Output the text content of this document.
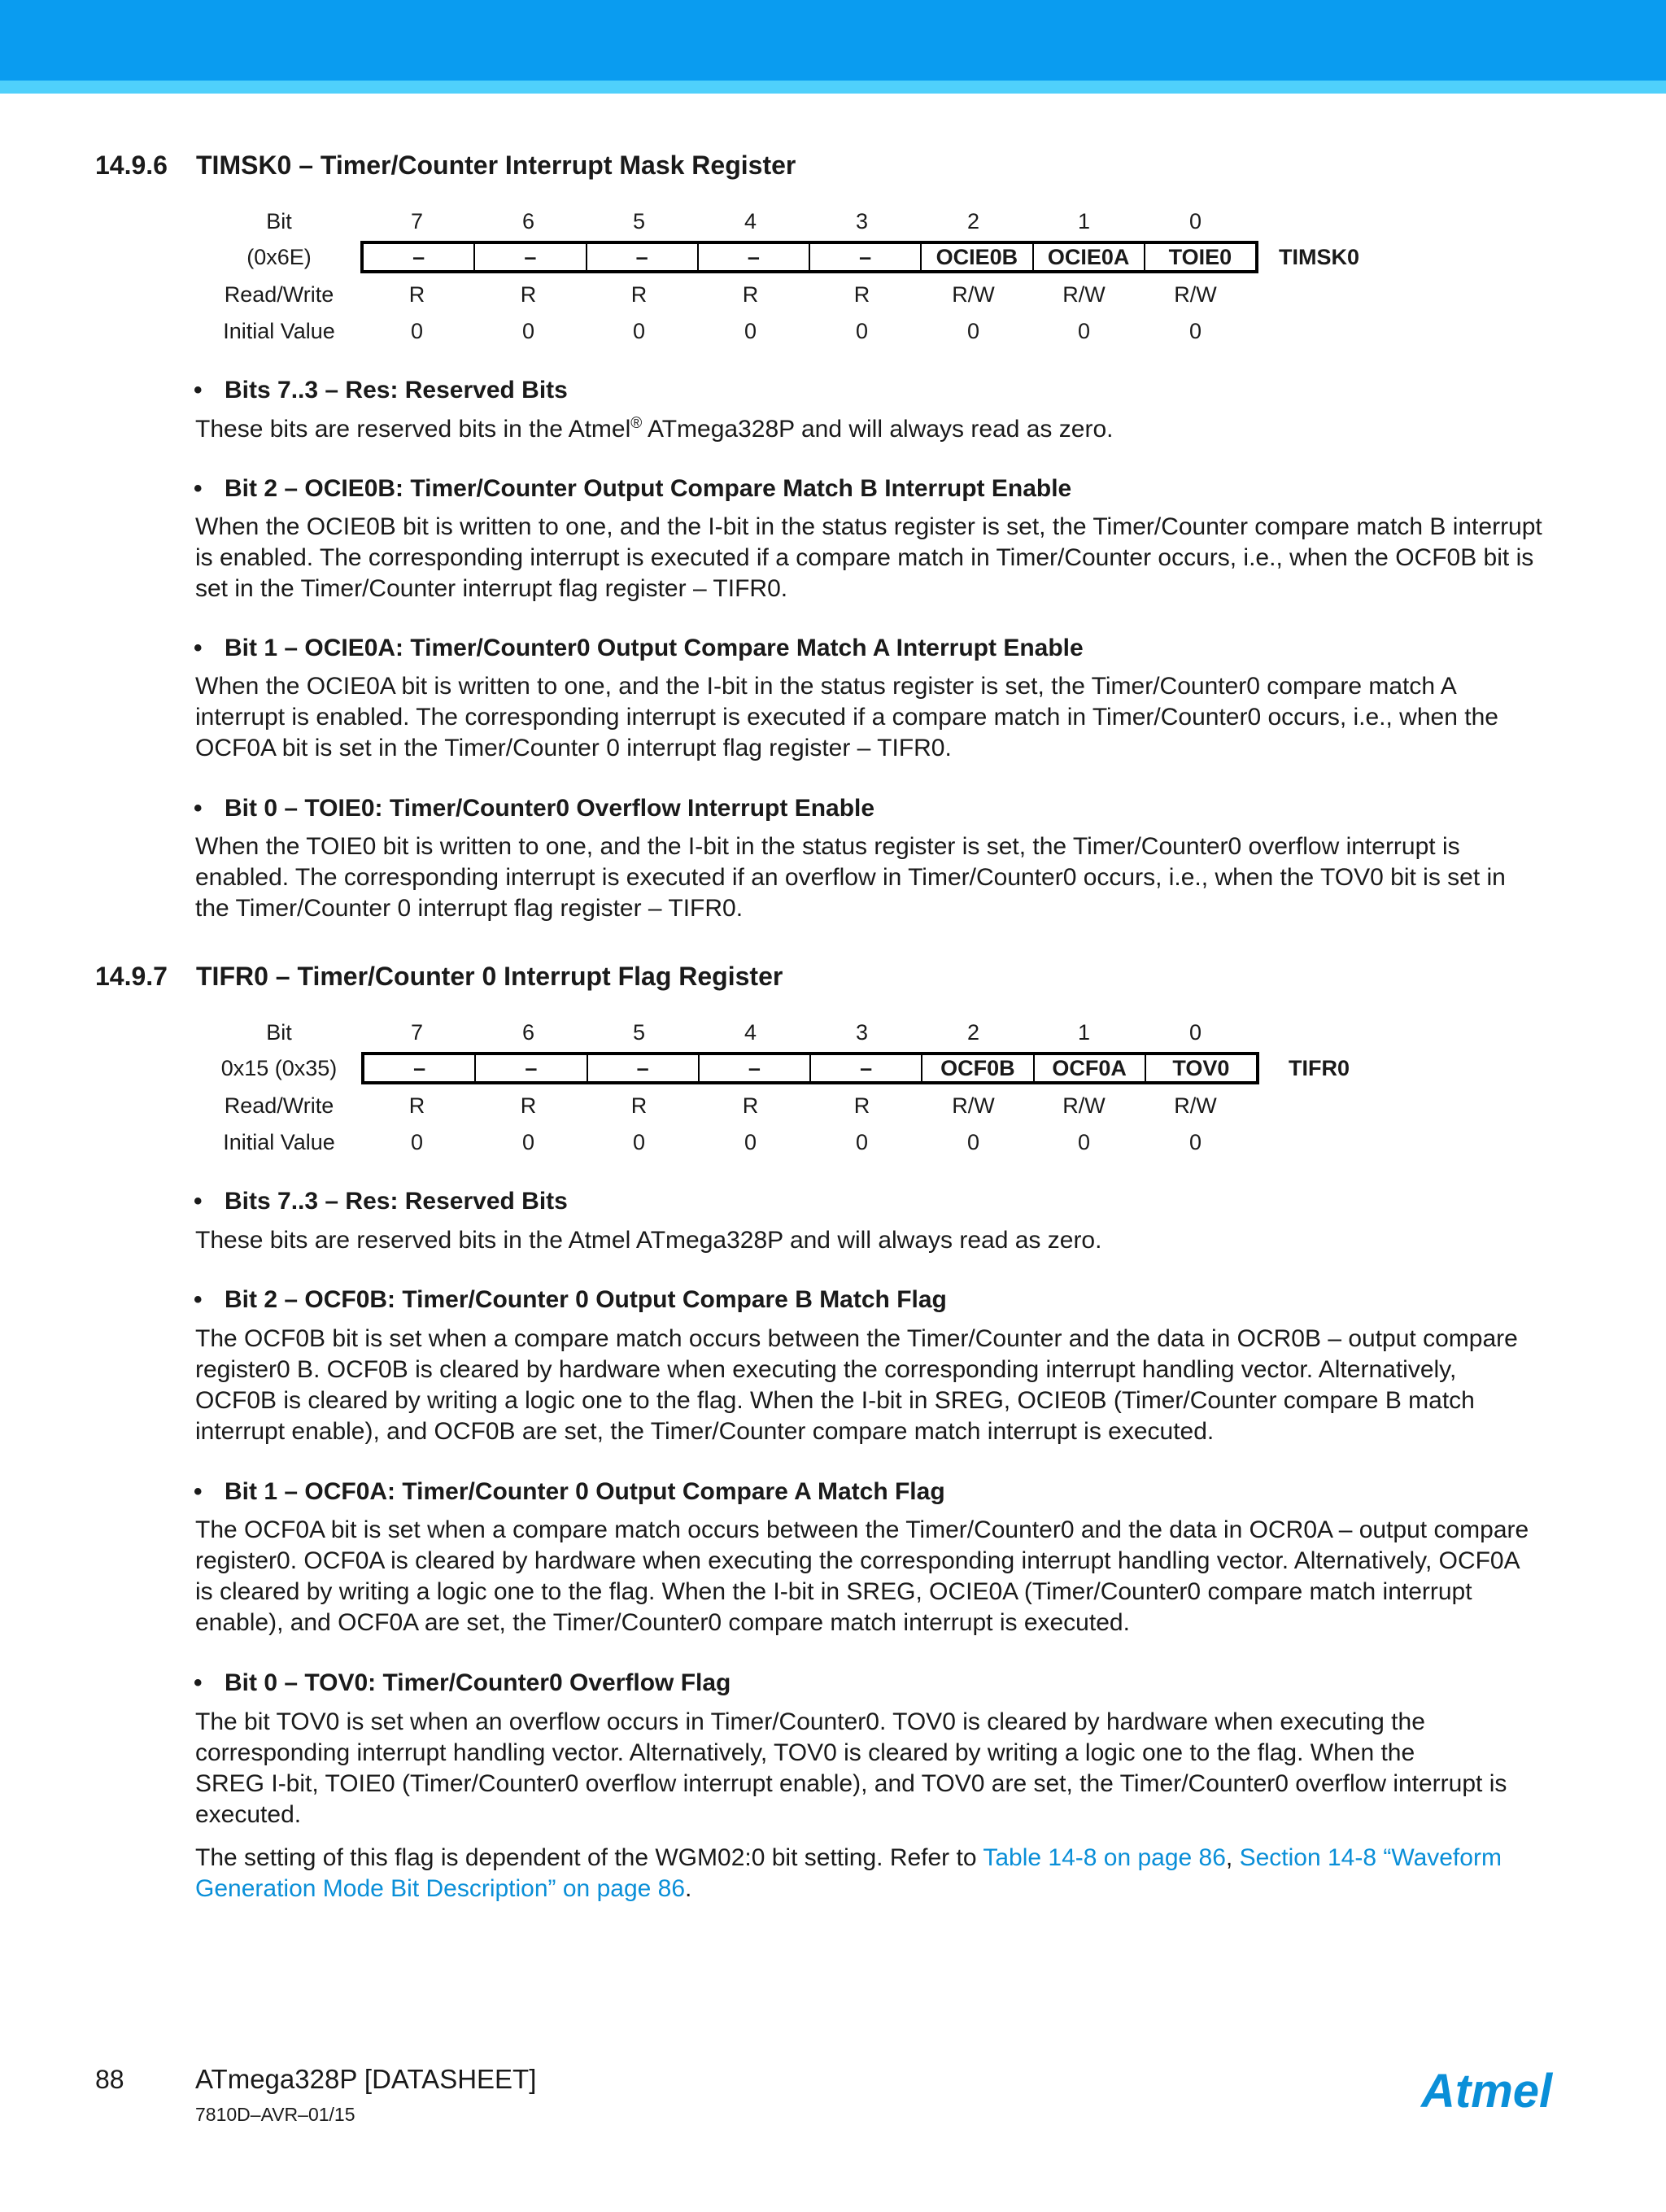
14.9.6 TIMSK0 – Timer/Counter Interrupt Mask Register
Bit	7	6	5	4	3	2	1	0
(0x6E)	–	–	–	–	–	OCIE0B	OCIE0A	TOIE0	TIMSK0
Read/Write	R	R	R	R	R	R/W	R/W	R/W
Initial Value	0	0	0	0	0	0	0	0
• Bits 7..3 – Res: Reserved Bits
These bits are reserved bits in the Atmel® ATmega328P and will always read as zero.
• Bit 2 – OCIE0B: Timer/Counter Output Compare Match B Interrupt Enable
When the OCIE0B bit is written to one, and the I-bit in the status register is set, the Timer/Counter compare match B interrupt
is enabled. The corresponding interrupt is executed if a compare match in Timer/Counter occurs, i.e., when the OCF0B bit is
set in the Timer/Counter interrupt flag register – TIFR0.
• Bit 1 – OCIE0A: Timer/Counter0 Output Compare Match A Interrupt Enable
When the OCIE0A bit is written to one, and the I-bit in the status register is set, the Timer/Counter0 compare match A
interrupt is enabled. The corresponding interrupt is executed if a compare match in Timer/Counter0 occurs, i.e., when the
OCF0A bit is set in the Timer/Counter 0 interrupt flag register – TIFR0.
• Bit 0 – TOIE0: Timer/Counter0 Overflow Interrupt Enable
When the TOIE0 bit is written to one, and the I-bit in the status register is set, the Timer/Counter0 overflow interrupt is
enabled. The corresponding interrupt is executed if an overflow in Timer/Counter0 occurs, i.e., when the TOV0 bit is set in
the Timer/Counter 0 interrupt flag register – TIFR0.
14.9.7 TIFR0 – Timer/Counter 0 Interrupt Flag Register
Bit	7	6	5	4	3	2	1	0
0x15 (0x35)	–	–	–	–	–	OCF0B	OCF0A	TOV0	TIFR0
Read/Write	R	R	R	R	R	R/W	R/W	R/W
Initial Value	0	0	0	0	0	0	0	0
• Bits 7..3 – Res: Reserved Bits
These bits are reserved bits in the Atmel ATmega328P and will always read as zero.
• Bit 2 – OCF0B: Timer/Counter 0 Output Compare B Match Flag
The OCF0B bit is set when a compare match occurs between the Timer/Counter and the data in OCR0B – output compare
register0 B. OCF0B is cleared by hardware when executing the corresponding interrupt handling vector. Alternatively,
OCF0B is cleared by writing a logic one to the flag. When the I-bit in SREG, OCIE0B (Timer/Counter compare B match
interrupt enable), and OCF0B are set, the Timer/Counter compare match interrupt is executed.
• Bit 1 – OCF0A: Timer/Counter 0 Output Compare A Match Flag
The OCF0A bit is set when a compare match occurs between the Timer/Counter0 and the data in OCR0A – output compare
register0. OCF0A is cleared by hardware when executing the corresponding interrupt handling vector. Alternatively, OCF0A
is cleared by writing a logic one to the flag. When the I-bit in SREG, OCIE0A (Timer/Counter0 compare match interrupt
enable), and OCF0A are set, the Timer/Counter0 compare match interrupt is executed.
• Bit 0 – TOV0: Timer/Counter0 Overflow Flag
The bit TOV0 is set when an overflow occurs in Timer/Counter0. TOV0 is cleared by hardware when executing the
corresponding interrupt handling vector. Alternatively, TOV0 is cleared by writing a logic one to the flag. When the
SREG I-bit, TOIE0 (Timer/Counter0 overflow interrupt enable), and TOV0 are set, the Timer/Counter0 overflow interrupt is
executed.
The setting of this flag is dependent of the WGM02:0 bit setting. Refer to Table 14-8 on page 86, Section 14-8 “Waveform
Generation Mode Bit Description” on page 86.
88	ATmega328P [DATASHEET]
7810D–AVR–01/15	Atmel
